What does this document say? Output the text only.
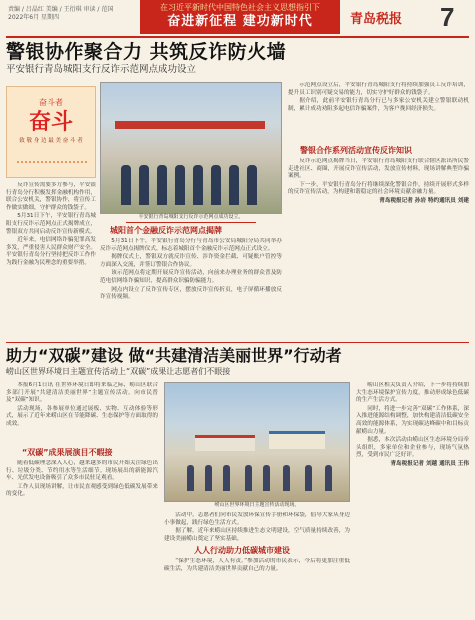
责编 / 吕晶红 美编 / 王衍琪 审读 / 范国
2022年6月 星期四
在习近平新时代中国特色社会主义思想指引下
奋进新征程 建功新时代	青岛税报 7
警银协作聚合力 共筑反诈防火墙
平安银行青岛城阳支行反诈示范网点成功设立
奋斗者
奋斗
致 敬 身 边 最 美 奋 斗 者

反诈宣传需要多方参与，平安银行青岛分行积极发挥金融机构作用，联合公安机关，警银协作，将宣传工作做实做细，守护群众的钱袋子。

5月31日下午，平安银行青岛城阳支行反诈示范网点正式揭牌成立，警银双方共同启动反诈宣传新模式。

近年来，电信网络诈骗犯罪高发多发，严重侵害人民群众财产安全。平安银行青岛分行坚持把反诈工作作为践行金融为民理念的重要举措。

平安银行青岛城阳支行反诈示范网点成功设立。
城阳首个金融反诈示范网点揭牌

5月31日下午，平安银行青岛分行与青岛市公安局城阳分局共同举办反诈示范网点揭牌仪式，标志着城阳首个金融反诈示范网点正式设立。

揭牌仪式上，警银双方就反诈宣传、涉诈资金拦截、可疑账户管控等方面深入交流，并签订警银合作协议。

该示范网点将定期开展反诈宣传活动，向前来办理业务的群众普及防范电信网络诈骗知识，提高群众识骗防骗能力。

网点内设立了反诈宣传专区，摆放反诈宣传折页，电子屏循环播放反诈宣传视频。

示范网点设立后，平安银行青岛城阳支行将持续加强员工反诈培训，提升员工识别可疑交易的能力，切实守护好群众的钱袋子。

据介绍，此前平安银行青岛分行已与多家公安机关建立警银联动机制，累计成功劝阻多起电信诈骗案件，为客户挽回经济损失。

警银合作系列活动宣传反诈知识

反诈示范网点揭牌当日，平安银行青岛城阳支行联合辖区派出所民警走进社区、商圈，开展反诈宣传活动，发放宣传材料，现场讲解典型诈骗案例。

下一步，平安银行青岛分行将继续深化警银合作，持续开展形式多样的反诈宣传活动，为构建和谐稳定的社会环境贡献金融力量。

青岛税报记者 孙岩 特约通讯员 刘建

助力“双碳”建设 做“共建清洁美丽世界”行动者
崂山区世界环境日主题宣传活动上“双碳”成果让志愿者们不眼接

本报6月1日讯 在世界环境日即将来临之际，崂山区联合多部门开展“共建清洁美丽世界”主题宣传活动，向市民普及“双碳”知识。

活动现场，各参展单位通过展板、实物、互动体验等形式，展示了近年来崂山区在节能降碳、生态保护等方面取得的成效。

“双碳”成果展演目不暇接

随着低碳理念深入人心，越来越多的市民开始关注绿色出行、垃圾分类、节约用水等生活细节。现场展出的新能源汽车、光伏发电设备吸引了众多市民驻足观看。

工作人员现场讲解，让市民直观感受到绿色低碳发展带来的变化。

崂山区世界环境日主题宣传活动现场。

活动中，志愿者们向市民发放环保宣传手册和环保袋，倡导大家从身边小事做起，践行绿色生活方式。

据了解，近年来崂山区持续推进生态文明建设，空气质量持续改善，为建设美丽崂山奠定了坚实基础。

人人行动助力低碳城市建设

“保护生态环境，人人有责。”参加活动的市民表示，今后将更加注重低碳生活，为共建清洁美丽世界贡献自己的力量。

崂山区相关负责人介绍，下一步将持续加大生态环境保护宣传力度，推动形成绿色低碳的生产生活方式。

同时，将进一步完善“双碳”工作体系，深入推进能源结构调整，加快构建清洁低碳安全高效的能源体系，为实现碳达峰碳中和目标贡献崂山力量。

据悉，本次活动由崂山区生态环境分局牵头组织，多家单位和企业参与，现场气氛热烈，受到市民广泛好评。

青岛税报记者 刘越 通讯员 王伟
